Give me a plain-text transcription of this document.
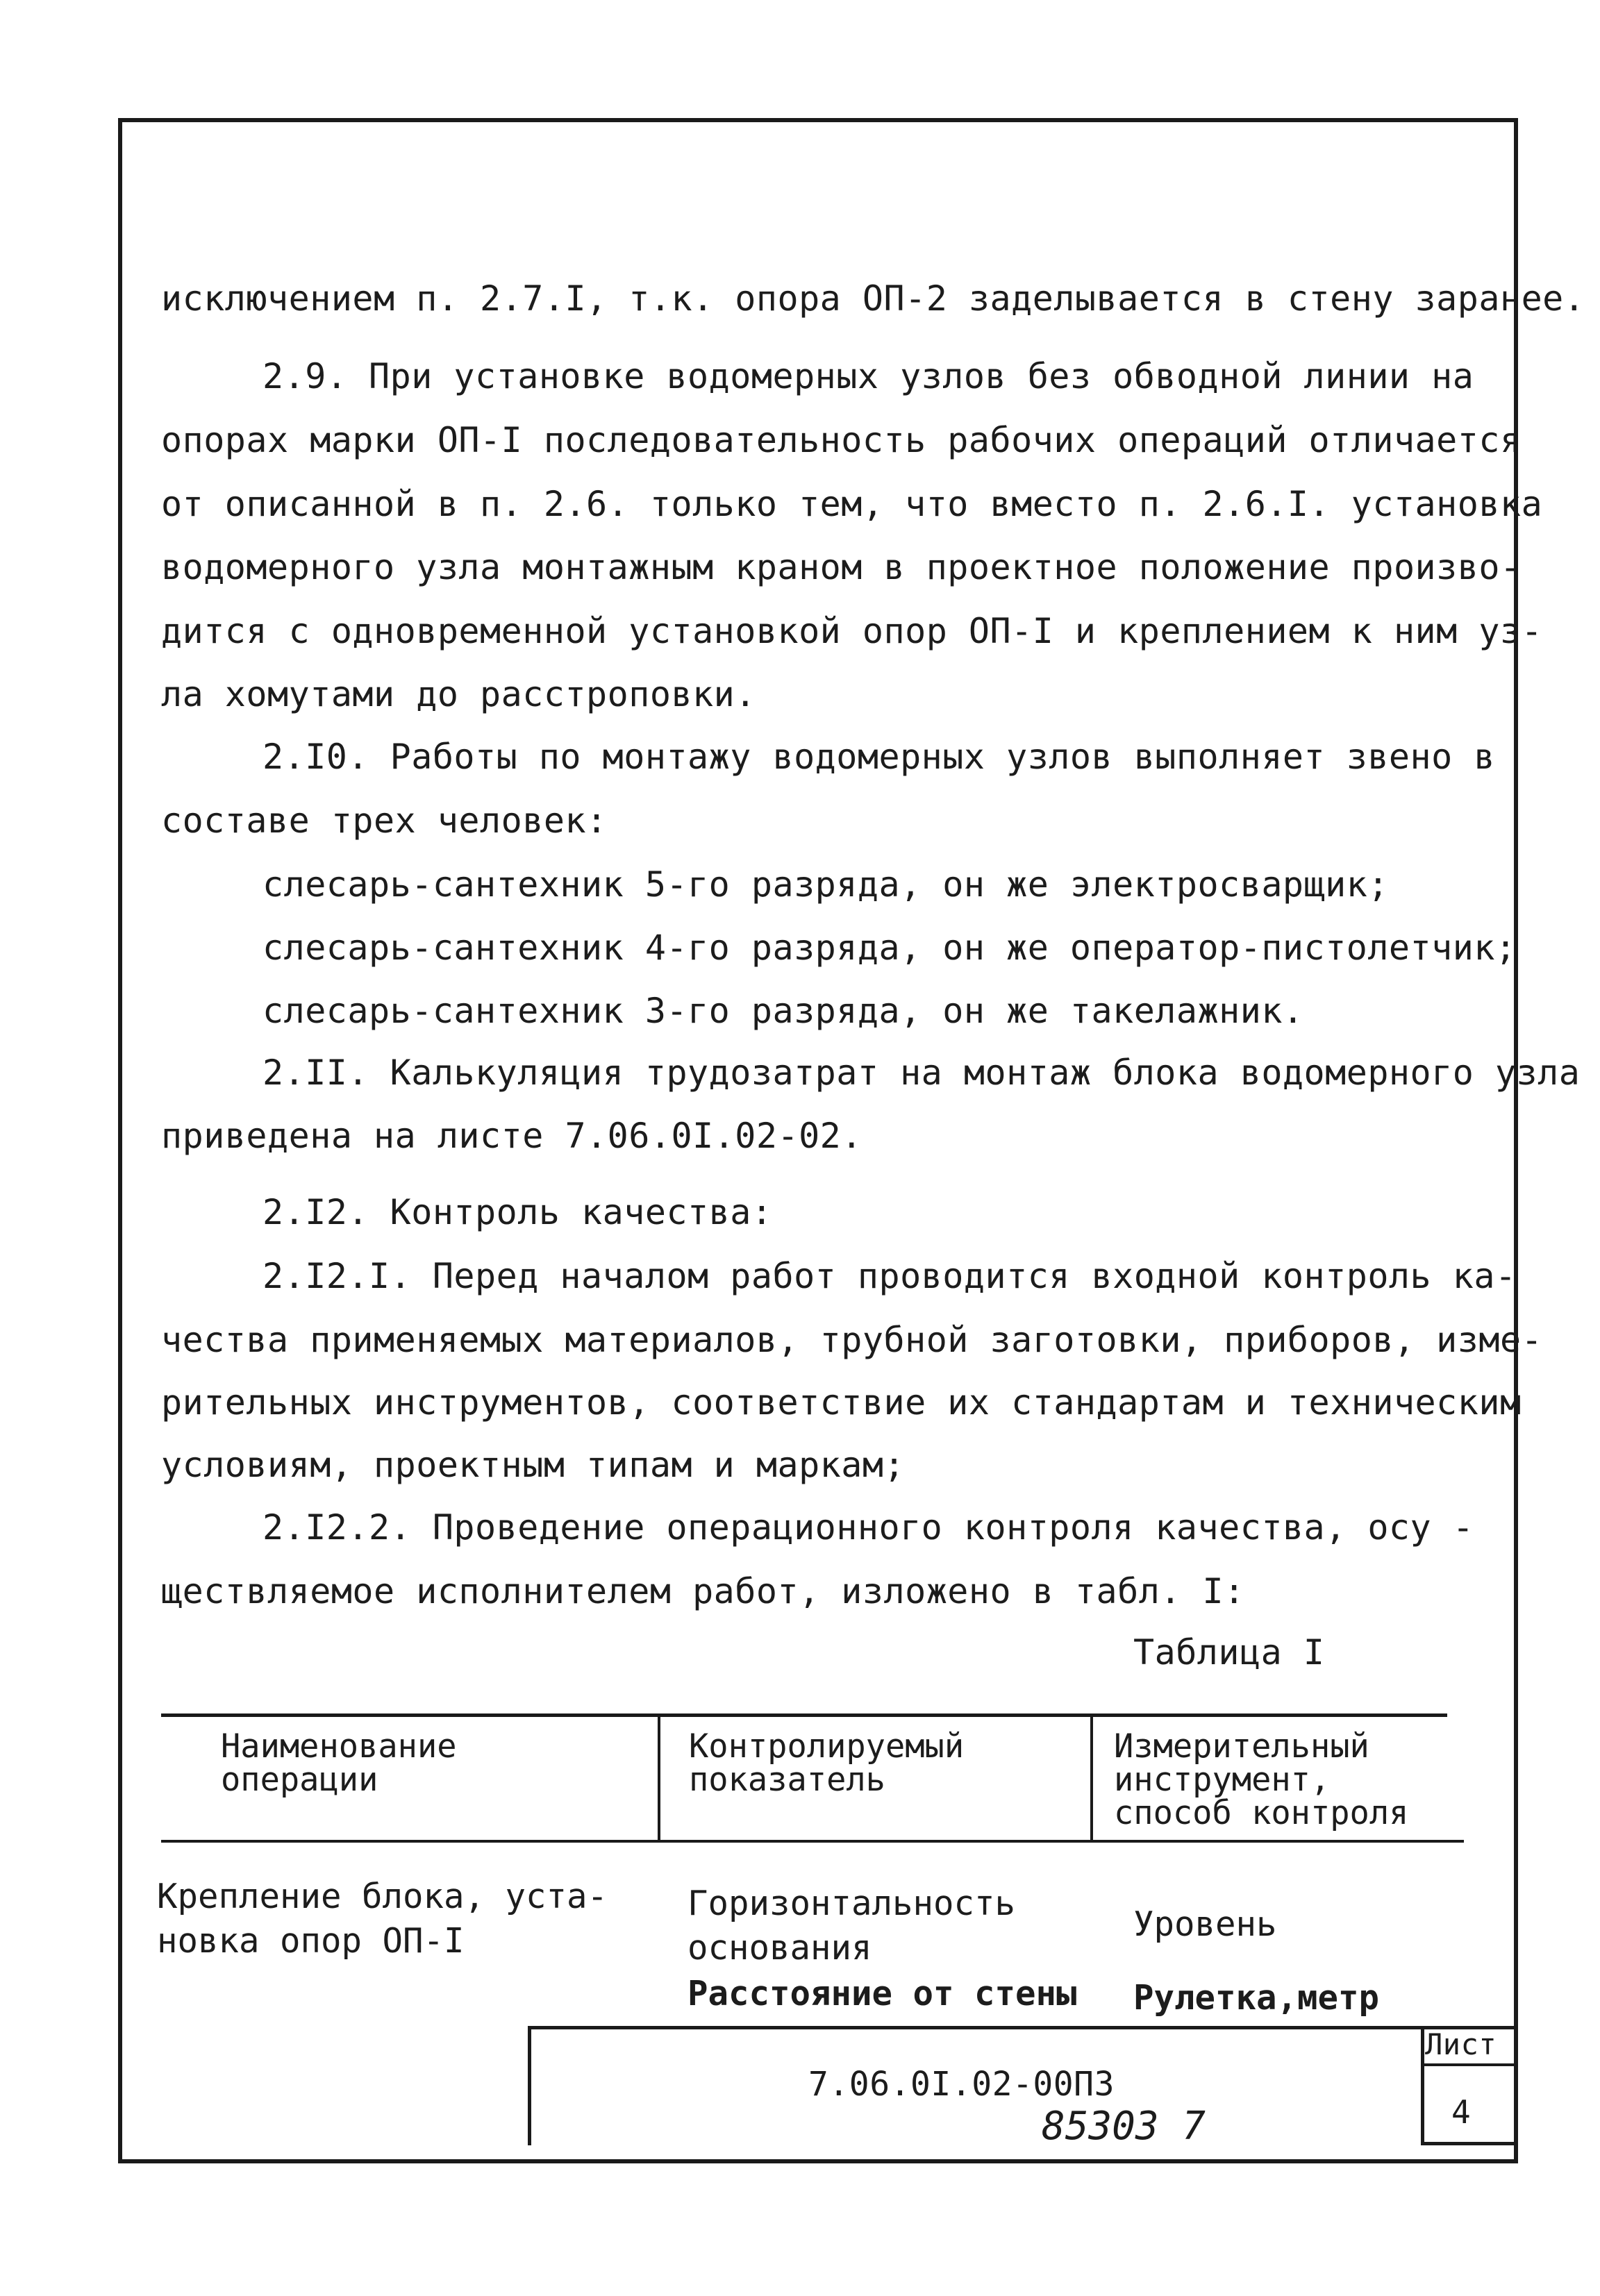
исключением п. 2.7.I, т.к. опора ОП-2 заделывается в стену заранее.
2.9. При установке водомерных узлов без обводной линии на
опорах марки ОП-I последовательность рабочих операций отличается
от описанной в п. 2.6. только тем, что вместо п. 2.6.I. установка
водомерного узла монтажным краном в проектное положение произво-
дится с одновременной установкой опор ОП-I и креплением к ним уз-
ла хомутами до расстроповки.
2.I0. Работы по монтажу водомерных узлов выполняет звено в
составе трех человек:
слесарь-сантехник 5-го разряда, он же электросварщик;
слесарь-сантехник 4-го разряда, он же оператор-пистолетчик;
слесарь-сантехник 3-го разряда, он же такелажник.
2.II. Калькуляция трудозатрат на монтаж блока водомерного узла
приведена на листе 7.06.0I.02-02.
2.I2. Контроль качества:
2.I2.I. Перед началом работ проводится входной контроль ка-
чества применяемых материалов, трубной заготовки, приборов, изме-
рительных инструментов, соответствие их стандартам и техническим
условиям, проектным типам и маркам;
2.I2.2. Проведение операционного контроля качества, осу -
ществляемое исполнителем работ, изложено в табл. I:
Таблица I
Наименование
операции
Контролируемый
показатель
Измерительный
инструмент,
способ контроля
Крепление блока, уста-
новка опор ОП-I
Горизонтальность
основания
Уровень
Расстояние от стены Рулетка,метр
7.06.0I.02-00ПЗ
Лист
4
85303 7
